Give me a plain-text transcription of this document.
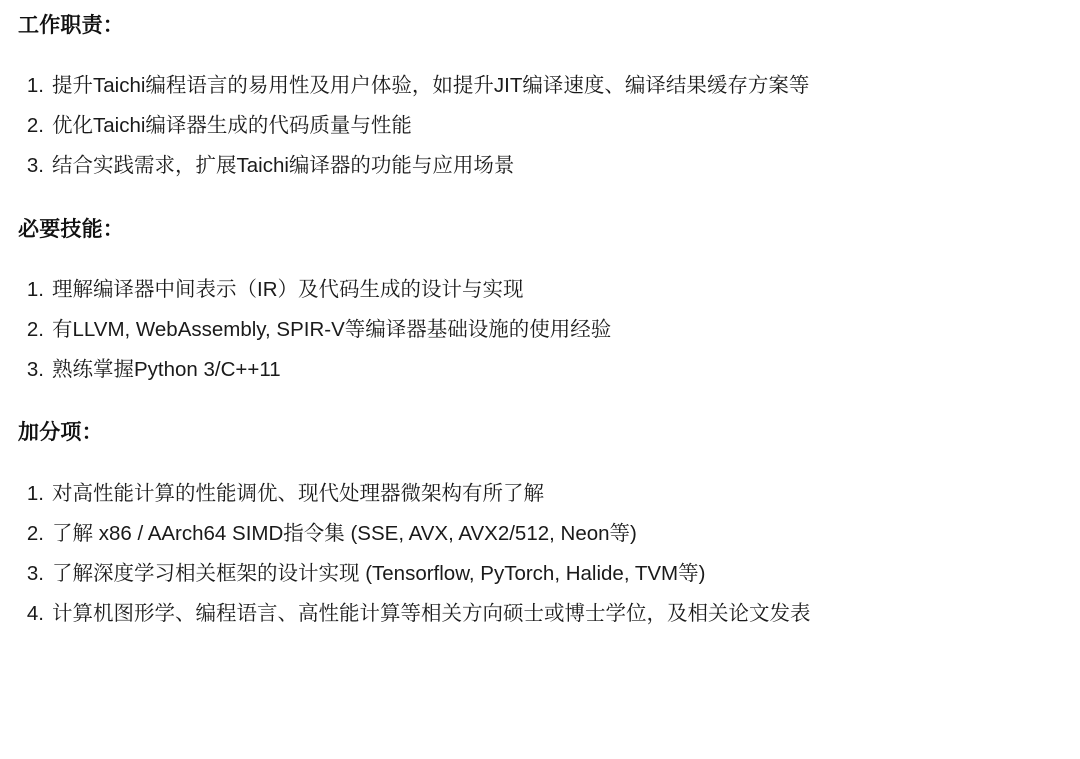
工作职责：
1. 提升Taichi编程语言的易用性及用户体验，如提升JIT编译速度、编译结果缓存方案等
2. 优化Taichi编译器生成的代码质量与性能
3. 结合实践需求，扩展Taichi编译器的功能与应用场景
必要技能：
1. 理解编译器中间表示（IR）及代码生成的设计与实现
2. 有LLVM, WebAssembly, SPIR-V等编译器基础设施的使用经验
3. 熟练掌握Python 3/C++11
加分项：
1. 对高性能计算的性能调优、现代处理器微架构有所了解
2. 了解 x86 / AArch64 SIMD指令集 (SSE, AVX, AVX2/512, Neon等)
3. 了解深度学习相关框架的设计实现 (Tensorflow, PyTorch, Halide, TVM等)
4. 计算机图形学、编程语言、高性能计算等相关方向硕士或博士学位，及相关论文发表
